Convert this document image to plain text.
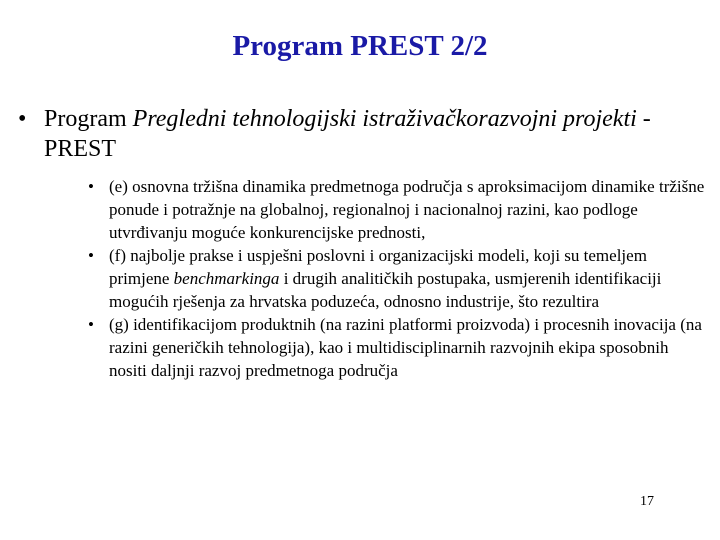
Program PREST 2/2
• Program Pregledni tehnologijski istraživačkorazvojni projekti - PREST

• (e) osnovna tržišna dinamika predmetnoga područja s aproksimacijom dinamike tržišne ponude i potražnje na globalnoj, regionalnoj i nacionalnoj razini, kao podloge utvrđivanju moguće konkurencijske prednosti,

• (f) najbolje prakse i uspješni poslovni i organizacijski modeli, koji su temeljem primjene benchmarkinga i drugih analitičkih postupaka, usmjerenih identifikaciji mogućih rješenja za hrvatska poduzeća, odnosno industrije, što rezultira

• (g) identifikacijom produktnih (na razini platformi proizvoda) i procesnih inovacija (na razini generičkih tehnologija), kao i multidisciplinarnih razvojnih ekipa sposobnih nositi daljnji razvoj predmetnoga područja

17
